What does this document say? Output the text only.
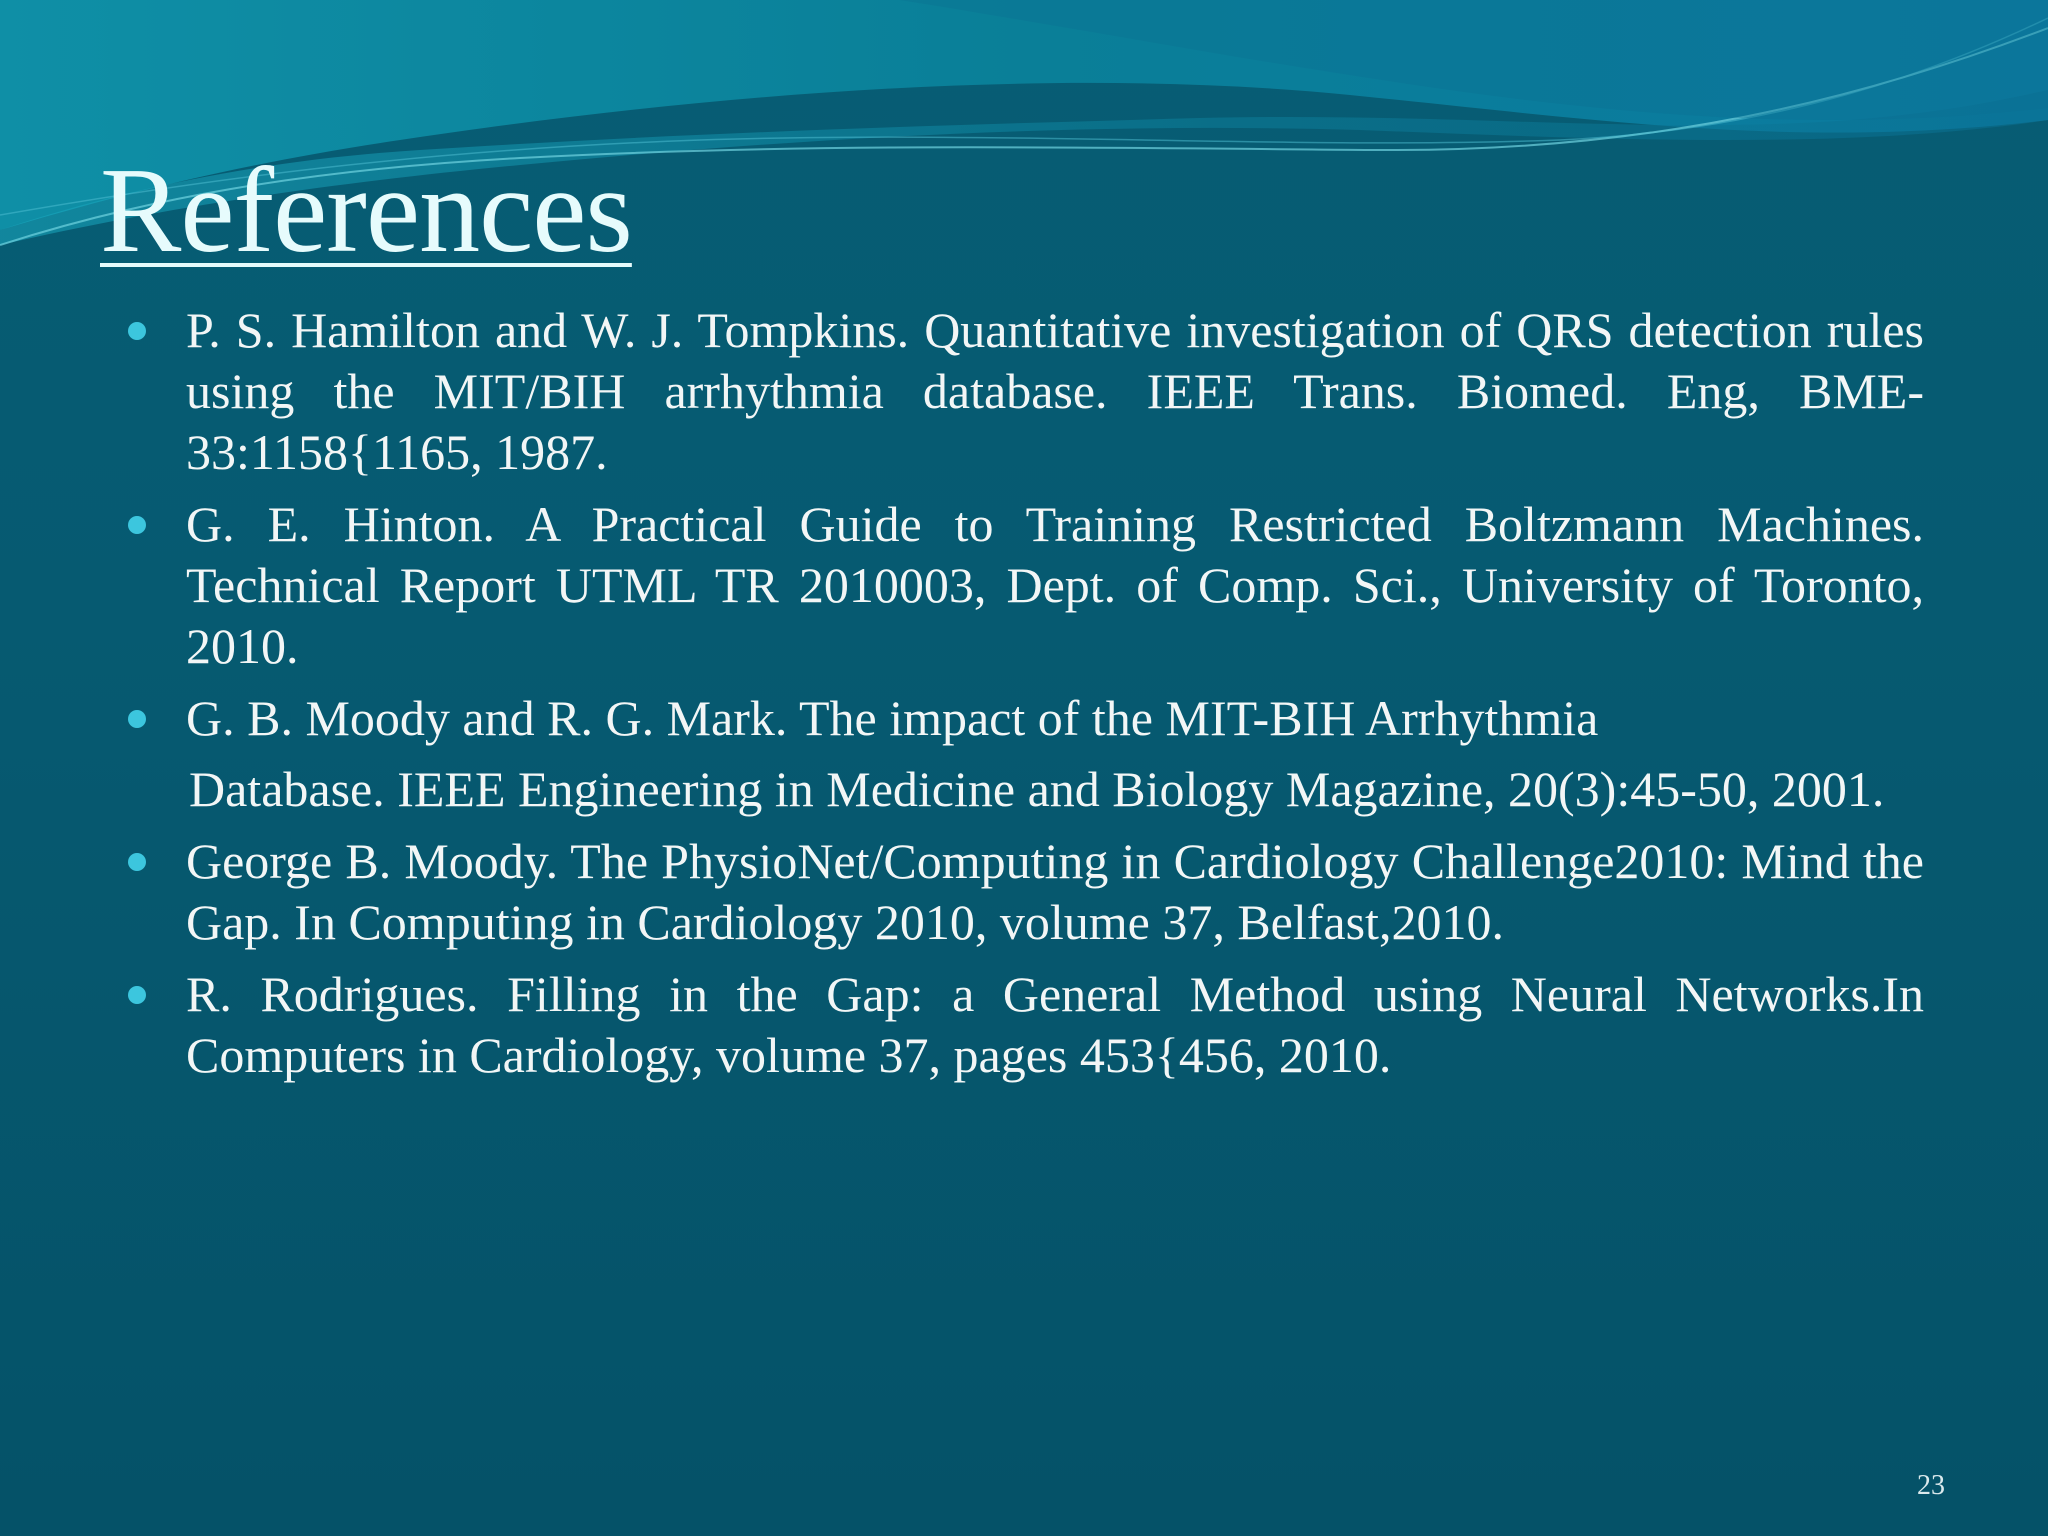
References
P. S. Hamilton and W. J. Tompkins. Quantitative investigation of QRS detection rules using the MIT/BIH arrhythmia database. IEEE Trans. Biomed. Eng, BME-33:1158{1165, 1987.
G. E. Hinton. A Practical Guide to Training Restricted Boltzmann Machines. Technical Report UTML TR 2010003, Dept. of Comp. Sci., University of Toronto, 2010.
G. B. Moody and R. G. Mark. The impact of the MIT-BIH Arrhythmia
Database. IEEE Engineering in Medicine and Biology Magazine, 20(3):45-50, 2001.
George B. Moody. The PhysioNet/Computing in Cardiology Challenge2010: Mind the Gap. In Computing in Cardiology 2010, volume 37, Belfast,2010.
R. Rodrigues. Filling in the Gap: a General Method using Neural Networks.In Computers in Cardiology, volume 37, pages 453{456, 2010.
23
